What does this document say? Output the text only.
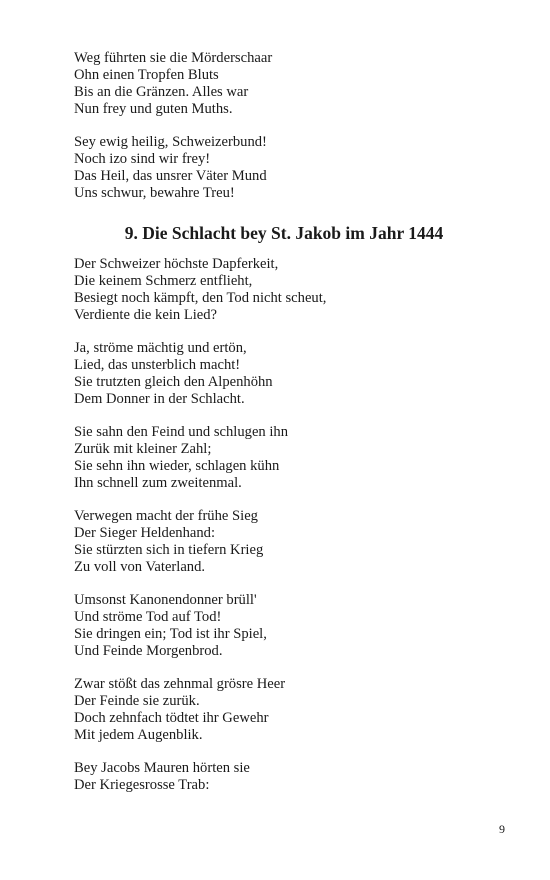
Weg führten sie die Mörderschaar
Ohn einen Tropfen Bluts
Bis an die Gränzen. Alles war
Nun frey und guten Muths.
Sey ewig heilig, Schweizerbund!
Noch izo sind wir frey!
Das Heil, das unsrer Väter Mund
Uns schwur, bewahre Treu!
9. Die Schlacht bey St. Jakob im Jahr 1444
Der Schweizer höchste Dapferkeit,
Die keinem Schmerz entflieht,
Besiegt noch kämpft, den Tod nicht scheut,
Verdiente die kein Lied?
Ja, ströme mächtig und ertön,
Lied, das unsterblich macht!
Sie trutzten gleich den Alpenhöhn
Dem Donner in der Schlacht.
Sie sahn den Feind und schlugen ihn
Zurük mit kleiner Zahl;
Sie sehn ihn wieder, schlagen kühn
Ihn schnell zum zweitenmal.
Verwegen macht der frühe Sieg
Der Sieger Heldenhand:
Sie stürzten sich in tiefern Krieg
Zu voll von Vaterland.
Umsonst Kanonendonner brüll'
Und ströme Tod auf Tod!
Sie dringen ein; Tod ist ihr Spiel,
Und Feinde Morgenbrod.
Zwar stößt das zehnmal grösre Heer
Der Feinde sie zurük.
Doch zehnfach tödtet ihr Gewehr
Mit jedem Augenblik.
Bey Jacobs Mauren hörten sie
Der Kriegesrosse Trab:
9
